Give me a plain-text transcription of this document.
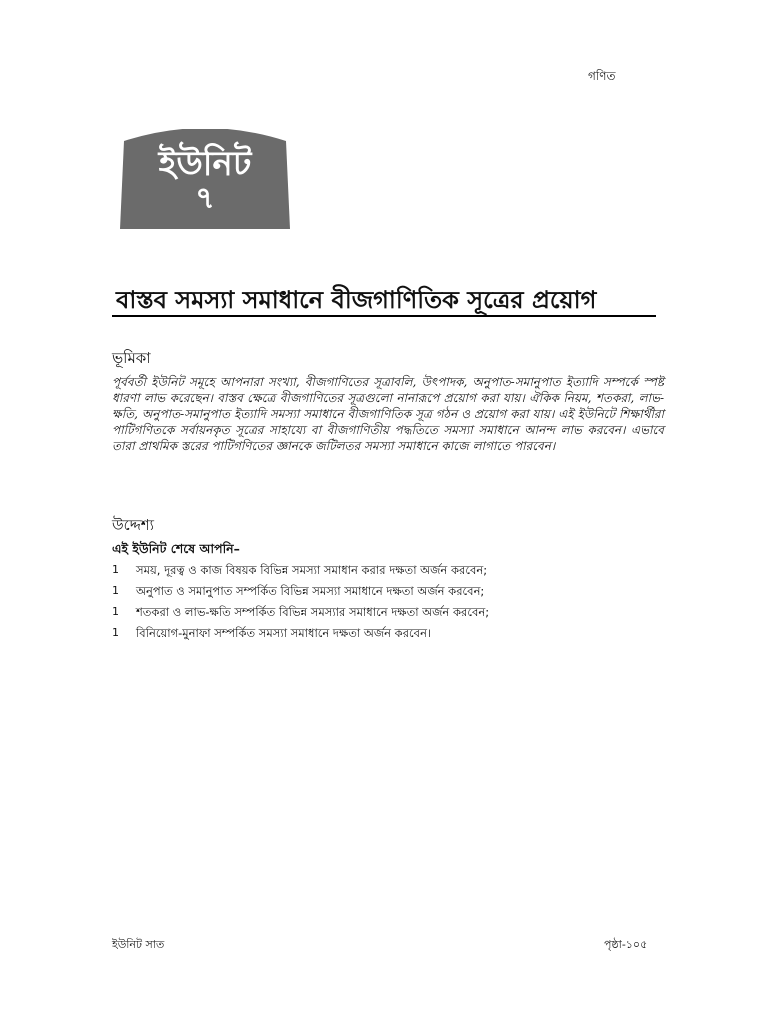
গণিত
ইউনিট
৭
বাস্তব সমস্যা সমাধানে বীজগাণিতিক সূত্রের প্রয়োগ
ভূমিকা

পূর্ববর্তী ইউনিট সমূহে আপনারা সংখ্যা, বীজগাণিতের সূত্রাবলি, উৎপাদক, অনুপাত-সমানুপাত ইত্যাদি সম্পর্কে স্পষ্ট ধারণা লাভ করেছেন। বাস্তব ক্ষেত্রে বীজগাণিতের সূত্রগুলো নানারূপে প্রয়োগ করা যায়। ঐকিক নিয়ম, শতকরা, লাভ-ক্ষতি, অনুপাত-সমানুপাত ইত্যাদি সমস্যা সমাধানে বীজগাণিতিক সূত্র গঠন ও প্রয়োগ করা যায়। এই ইউনিটে শিক্ষার্থীরা পাটিগণিতকে সর্বায়নকৃত সূত্রের সাহায্যে বা বীজগাণিতীয় পদ্ধতিতে সমস্যা সমাধানে আনন্দ লাভ করবেন। এভাবে তারা প্রাথমিক স্তরের পাটিগণিতের জ্ঞানকে জটিলতর সমস্যা সমাধানে কাজে লাগাতে পারবেন।

উদ্দেশ্য
এই ইউনিট শেষে আপনি–
1	সময়, দূরত্ব ও কাজ বিষয়ক বিভিন্ন সমস্যা সমাধান করার দক্ষতা অর্জন করবেন;
1	অনুপাত ও সমানুপাত সম্পর্কিত বিভিন্ন সমস্যা সমাধানে দক্ষতা অর্জন করবেন;
1	শতকরা ও লাভ-ক্ষতি সম্পর্কিত বিভিন্ন সমস্যার সমাধানে দক্ষতা অর্জন করবেন;
1	বিনিয়োগ-মুনাফা সম্পর্কিত সমস্যা সমাধানে দক্ষতা অর্জন করবেন।
ইউনিট সাত	পৃষ্ঠা-১০৫
